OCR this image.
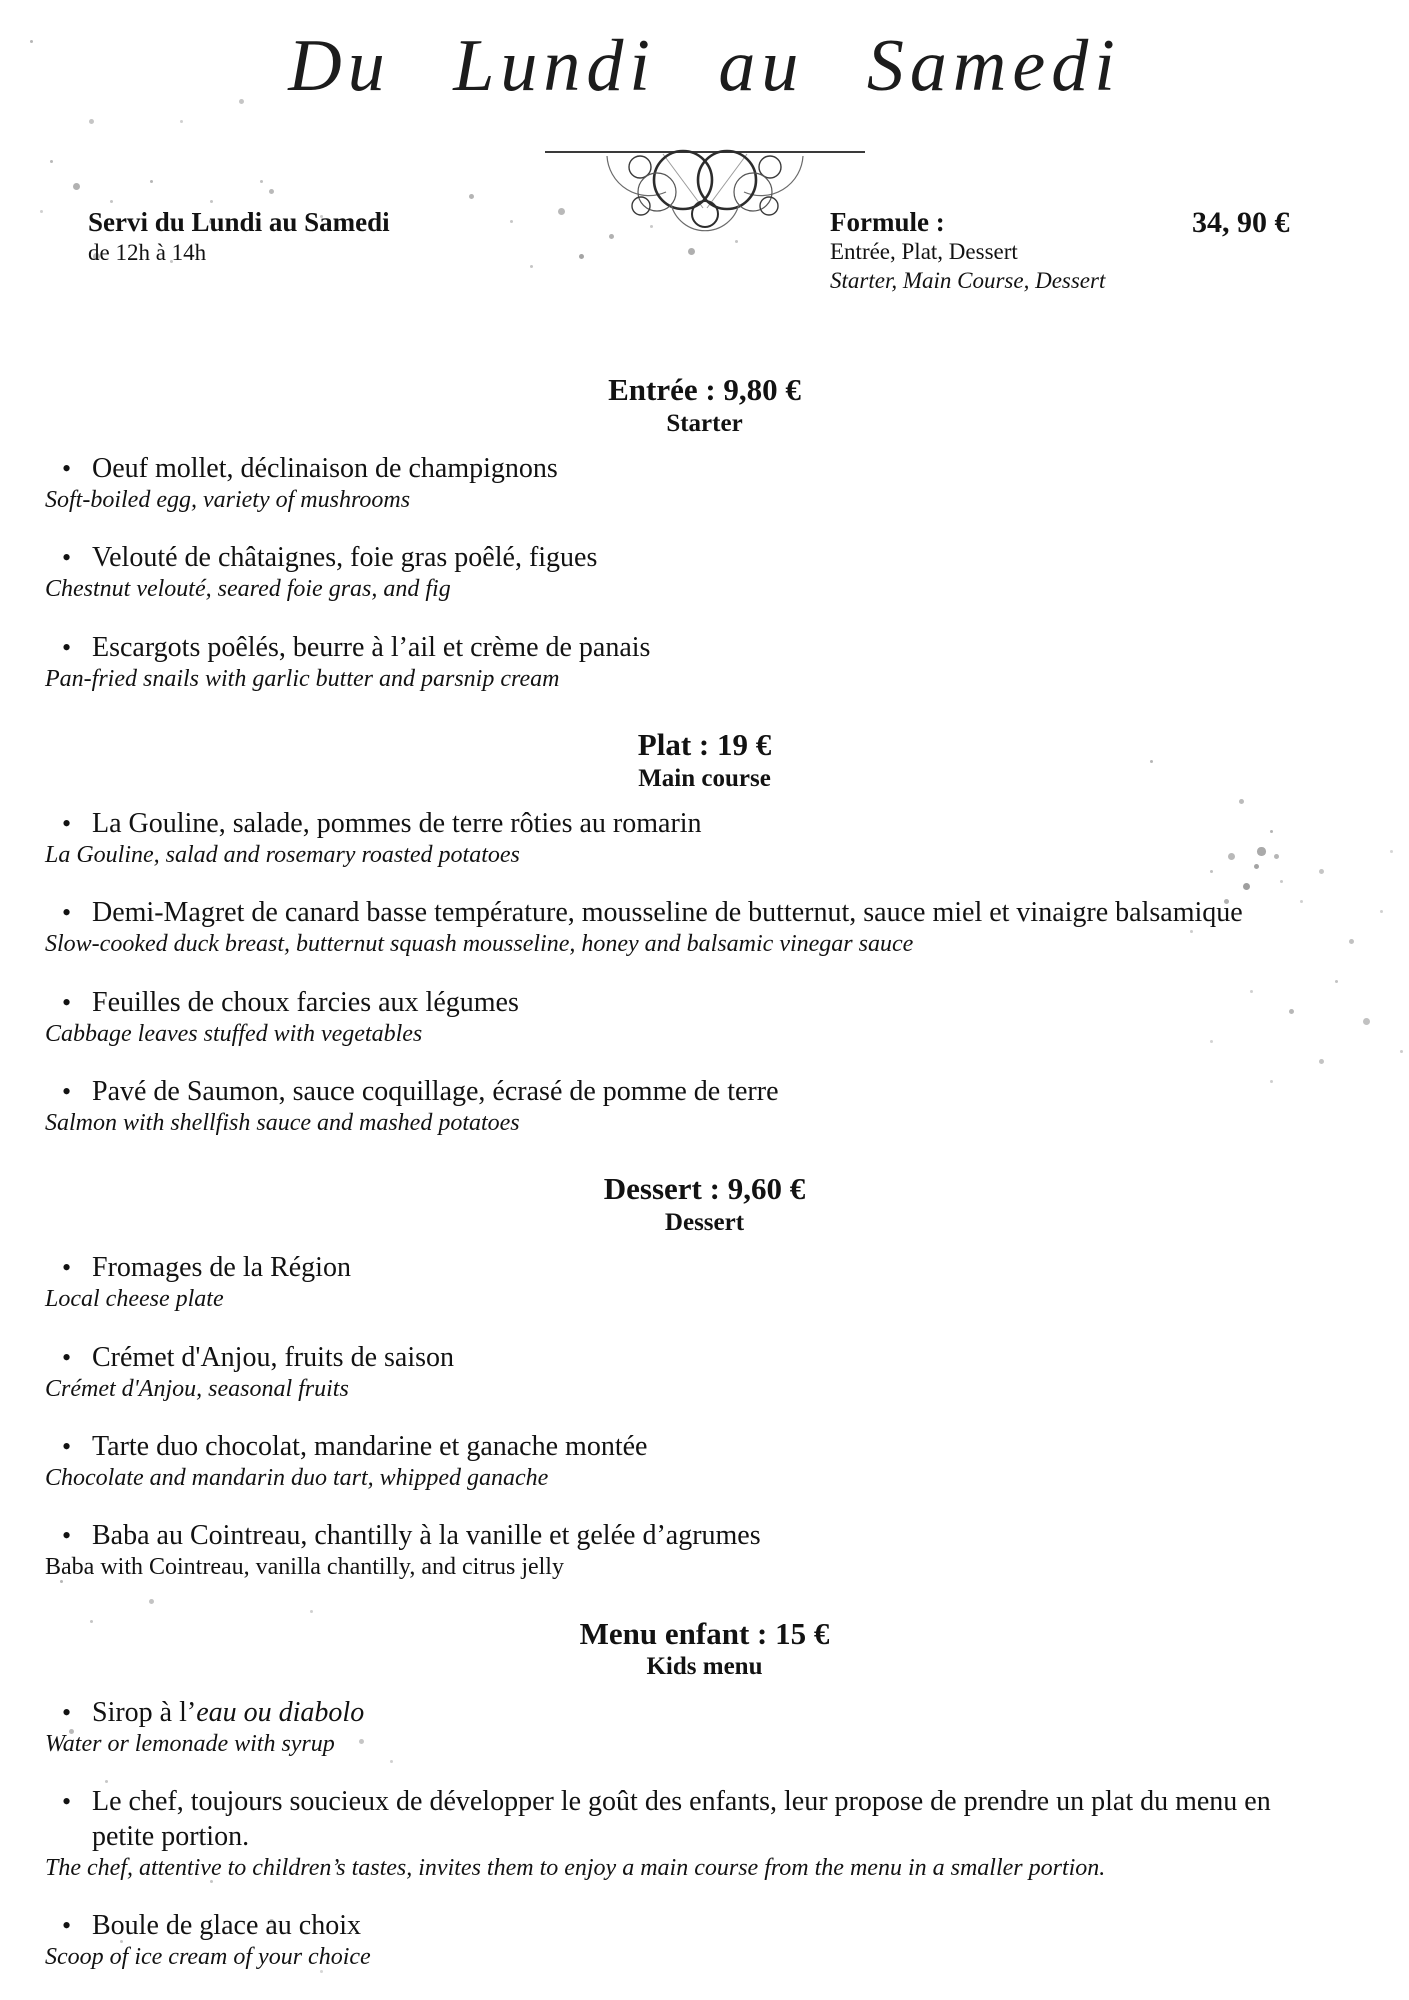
Du Lundi au Samedi
Servi du Lundi au Samedi
de 12h à 14h
Formule :
Entrée, Plat, Dessert
Starter, Main Course, Dessert
34, 90 €
Entrée : 9,80 €
Starter
• Oeuf mollet, déclinaison de champignons
Soft-boiled egg, variety of mushrooms
• Velouté de châtaignes, foie gras poêlé, figues
Chestnut velouté, seared foie gras, and fig
• Escargots poêlés, beurre à l’ail et crème de panais
Pan-fried snails with garlic butter and parsnip cream
Plat : 19 €
Main course
• La Gouline, salade, pommes de terre rôties au romarin
La Gouline, salad and rosemary roasted potatoes
• Demi-Magret de canard basse température, mousseline de butternut, sauce miel et vinaigre balsamique
Slow-cooked duck breast, butternut squash mousseline, honey and balsamic vinegar sauce
• Feuilles de choux farcies aux légumes
Cabbage leaves stuffed with vegetables
• Pavé de Saumon, sauce coquillage, écrasé de pomme de terre
Salmon with shellfish sauce and mashed potatoes
Dessert : 9,60 €
Dessert
• Fromages de la Région
Local cheese plate
• Crémet d'Anjou, fruits de saison
Crémet d'Anjou, seasonal fruits
• Tarte duo chocolat, mandarine et ganache montée
Chocolate and mandarin duo tart, whipped ganache
• Baba au Cointreau, chantilly à la vanille et gelée d’agrumes
Baba with Cointreau, vanilla chantilly, and citrus jelly
Menu enfant : 15 €
Kids menu
• Sirop à l’eau ou diabolo
Water or lemonade with syrup
• Le chef, toujours soucieux de développer le goût des enfants, leur propose de prendre un plat du menu en petite portion.
The chef, attentive to children’s tastes, invites them to enjoy a main course from the menu in a smaller portion.
• Boule de glace au choix
Scoop of ice cream of your choice
